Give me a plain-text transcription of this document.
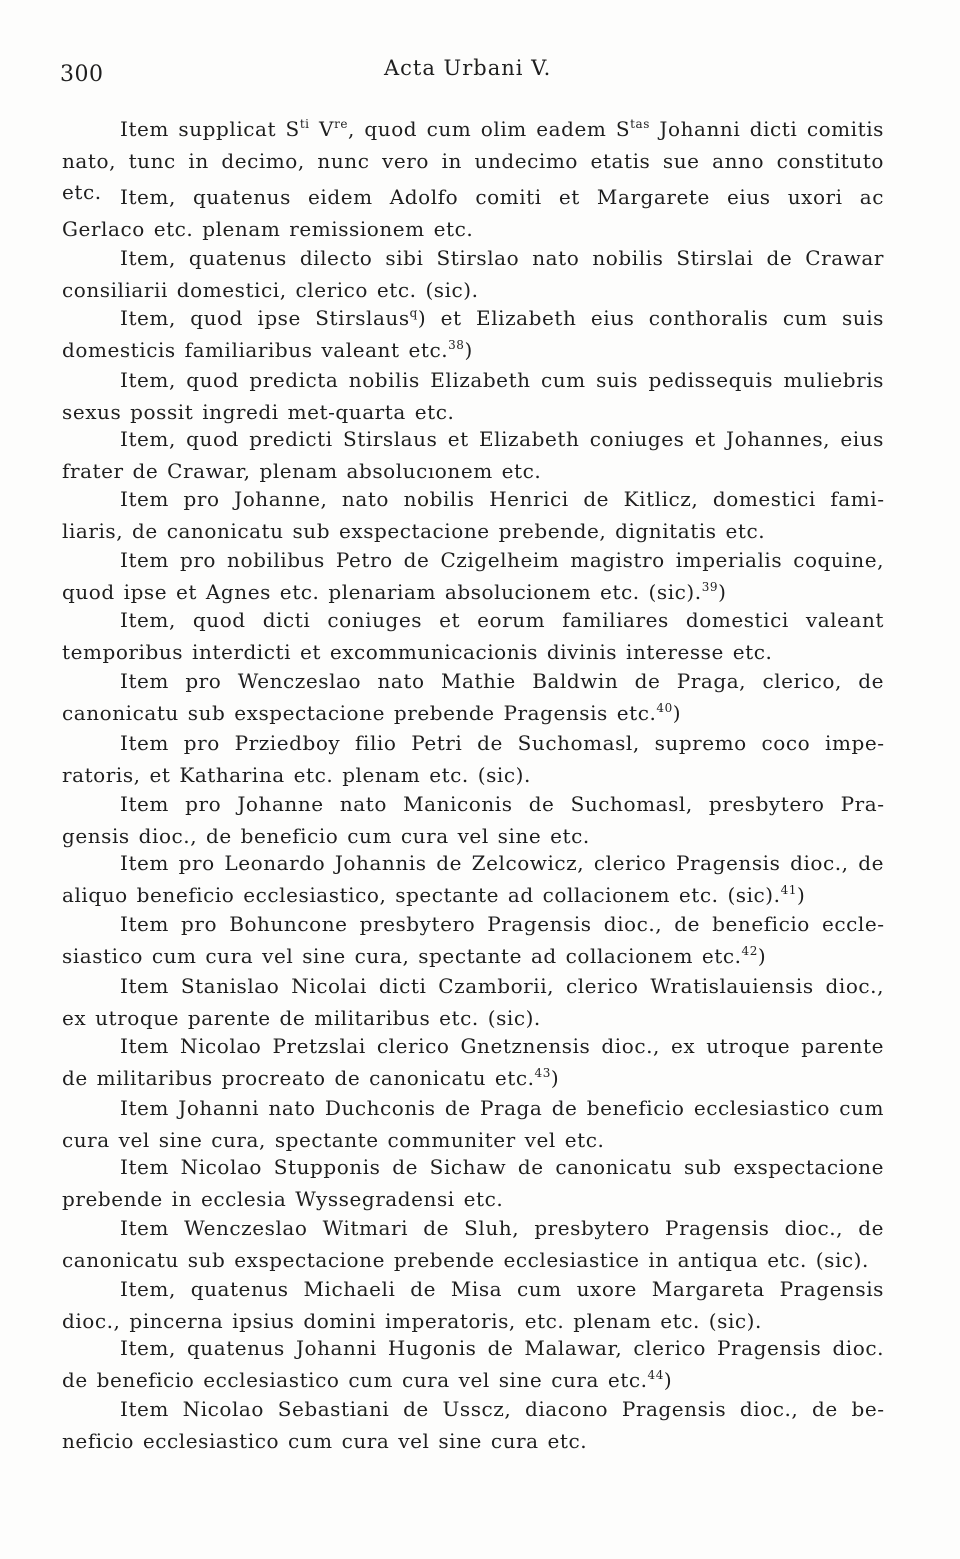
300	Acta Urbani V.

Item supplicat $S^{ti}$ Vre, quod cum olim eadem $S^{tas}$ Johanni dicti comitis nato, tunc in decimo, nunc vero in undecimo etatis sue anno constituto etc. Item, quatenus eidem Adolfo comiti et Margarete eius uxori ac Gerlaco etc. plenam remissionem etc.

Item, quatenus dilecto sibi Stirslao nato nobilis Stirslai de Crawar consiliarii domestici, clerico etc. (sic).

Item, quod ipse Stirslaus$^q$) et Elizabeth eius conthoralis cum suis domesticis familiaribus valeant etc.$^{38}$)

Item, quod predicta nobilis Elizabeth cum suis pedissequis muliebris sexus possit ingredi met-quarta etc.

Item, quod predicti Stirslaus et Elizabeth coniuges et Johannes, eius frater de Crawar, plenam absolucıonem etc.

Item pro Johanne, nato nobilis Henrici de Kitlicz, domestici familiaris, de canonicatu sub exspectacione prebende, dignitatis etc.

Item pro nobilibus Petro de Czigelheim magistro imperialis coquine, quod ipse et Agnes etc. plenariam absolucionem etc. (sic).$^{39}$)

Item, quod dicti coniuges et eorum familiares domestici valeant temporibus interdicti et excommunicacionis divinis interesse etc.

Item pro Wenczeslao nato Mathie Baldwin de Praga, clerico, de canonicatu sub exspectacione prebende Pragensis etc.$^{40}$)

Item pro Prziedboy filio Petri de Suchomasl, supremo coco imperatoris, et Katharina etc. plenam etc. (sic).

Item pro Johanne nato Maniconis de Suchomasl, presbytero Pragensis dioc., de beneficio cum cura vel sine etc.

Item pro Leonardo Johannis de Zelcowicz, clerico Pragensis dioc., de aliquo beneficio ecclesiastico, spectante ad collacionem etc. (sic).$^{41}$)

Item pro Bohuncone presbytero Pragensis dioc., de beneficio ecclesiastico cum cura vel sine cura, spectante ad collacionem etc.$^{42}$)

Item Stanislao Nicolai dicti Czamborii, clerico Wratislauiensis dioc., ex utroque parente de militaribus etc. (sic).

Item Nicolao Pretzslai clerico Gnetznensis dioc., ex utroque parente de militaribus procreato de canonicatu etc.$^{43}$)

Item Johanni nato Duchconis de Praga de beneficio ecclesiastico cum cura vel sine cura, spectante communiter vel etc.

Item Nicolao Stupponis de Sichaw de canonicatu sub exspectacione prebende in ecclesia Wyssegradensi etc.

Item Wenczeslao Witmari de Sluh, presbytero Pragensis dioc., de canonicatu sub exspectacione prebende ecclesiastice in antiqua etc. (sic).

Item, quatenus Michaeli de Misa cum uxore Margareta Pragensis dioc., pincerna ipsius domini imperatoris, etc. plenam etc. (sic).

Item, quatenus Johanni Hugonis de Malawar, clerico Pragensis dioc. de beneficio ecclesiastico cum cura vel sine cura etc.$^{44}$)

Item Nicolao Sebastiani de Usscz, diacono Pragensis dioc., de beneficio ecclesiastico cum cura vel sine cura etc.
